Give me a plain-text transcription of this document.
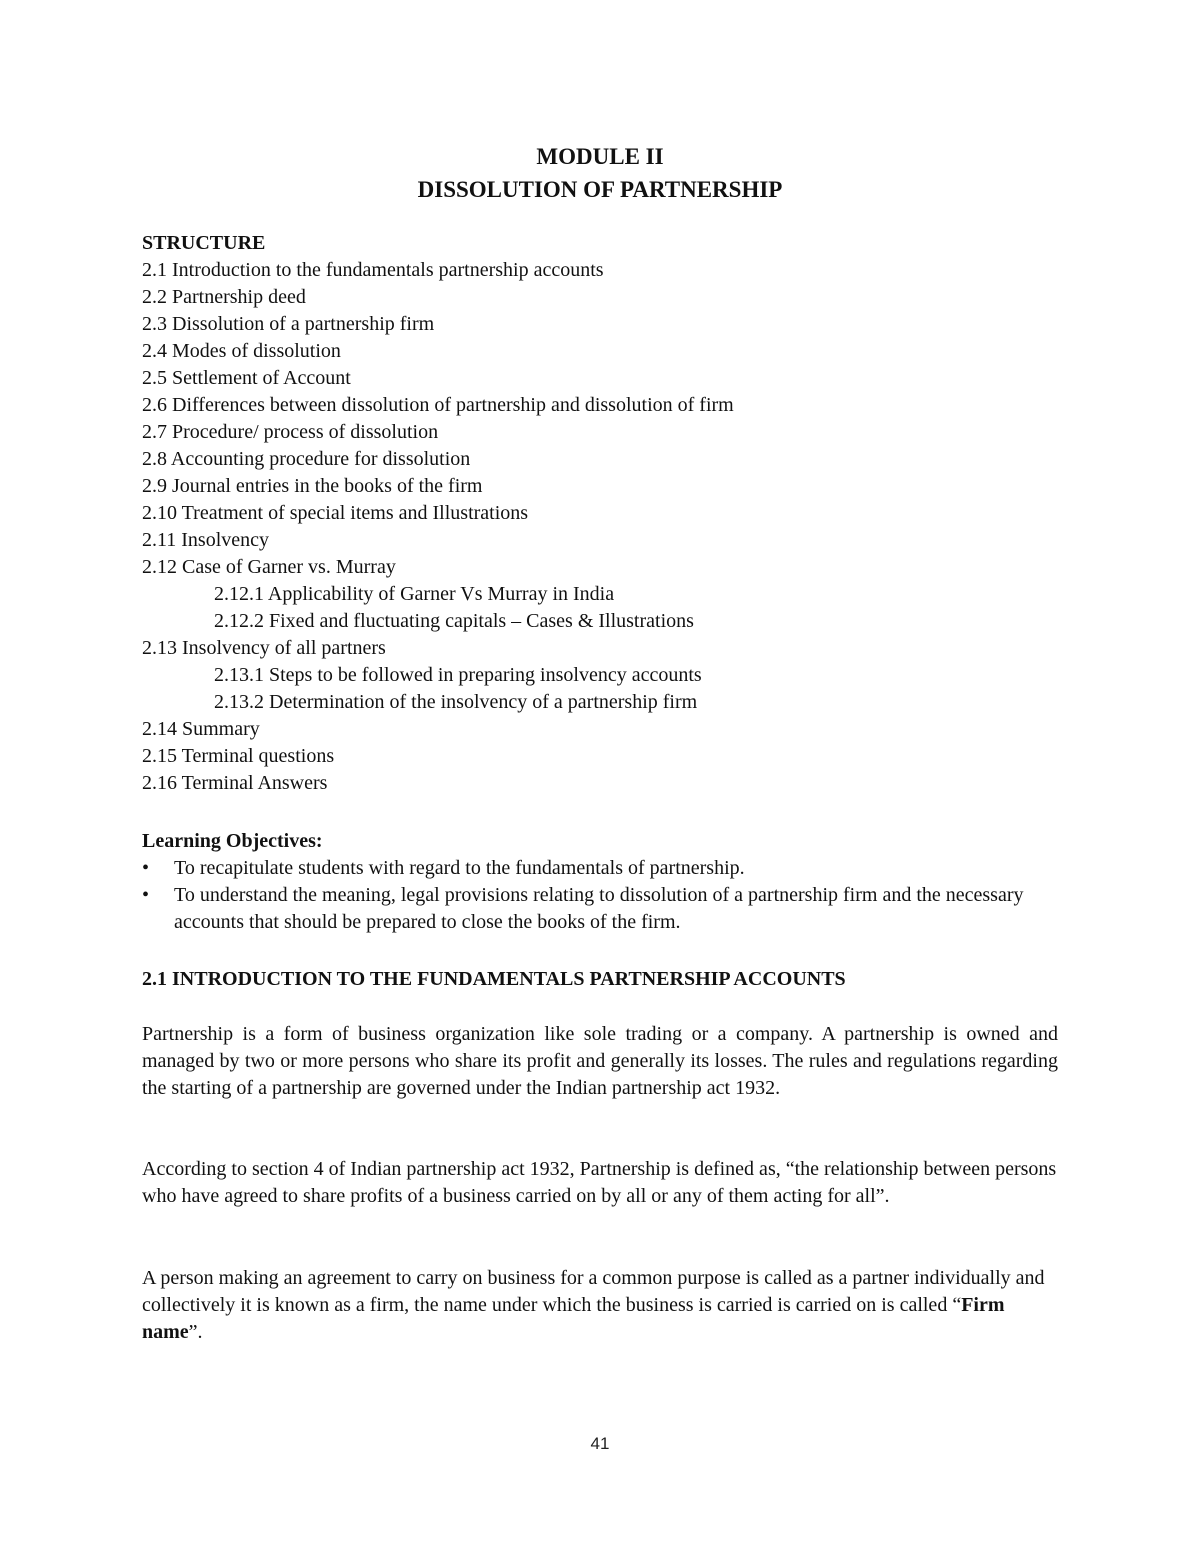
MODULE II
DISSOLUTION OF PARTNERSHIP
STRUCTURE
2.1 Introduction to the fundamentals partnership accounts
2.2 Partnership deed
2.3 Dissolution of a partnership firm
2.4 Modes of dissolution
2.5 Settlement of Account
2.6 Differences between dissolution of partnership and dissolution of firm
2.7 Procedure/ process of dissolution
2.8 Accounting procedure for dissolution
2.9 Journal entries in the books of the firm
2.10 Treatment of special items and Illustrations
2.11 Insolvency
2.12 Case of Garner vs. Murray
2.12.1 Applicability of Garner Vs Murray in India
2.12.2 Fixed and fluctuating capitals – Cases & Illustrations
2.13 Insolvency of all partners
2.13.1 Steps to be followed in preparing insolvency accounts
2.13.2 Determination of the insolvency of a partnership firm
2.14 Summary
2.15 Terminal questions
2.16 Terminal Answers
Learning Objectives:
•	To recapitulate students with regard to the fundamentals of partnership.
•	To understand the meaning, legal provisions relating to dissolution of a partnership firm and the necessary accounts that should be prepared to close the books of the firm.
2.1 INTRODUCTION TO THE FUNDAMENTALS PARTNERSHIP ACCOUNTS
Partnership is a form of business organization like sole trading or a company. A partnership is owned and managed by two or more persons who share its profit and generally its losses. The rules and regulations regarding the starting of a partnership are governed under the Indian partnership act 1932.
According to section 4 of Indian partnership act 1932, Partnership is defined as, “the relationship between persons who have agreed to share profits of a business carried on by all or any of them acting for all”.
A person making an agreement to carry on business for a common purpose is called as a partner individually and collectively it is known as a firm, the name under which the business is carried is carried on is called “Firm name”.
41
